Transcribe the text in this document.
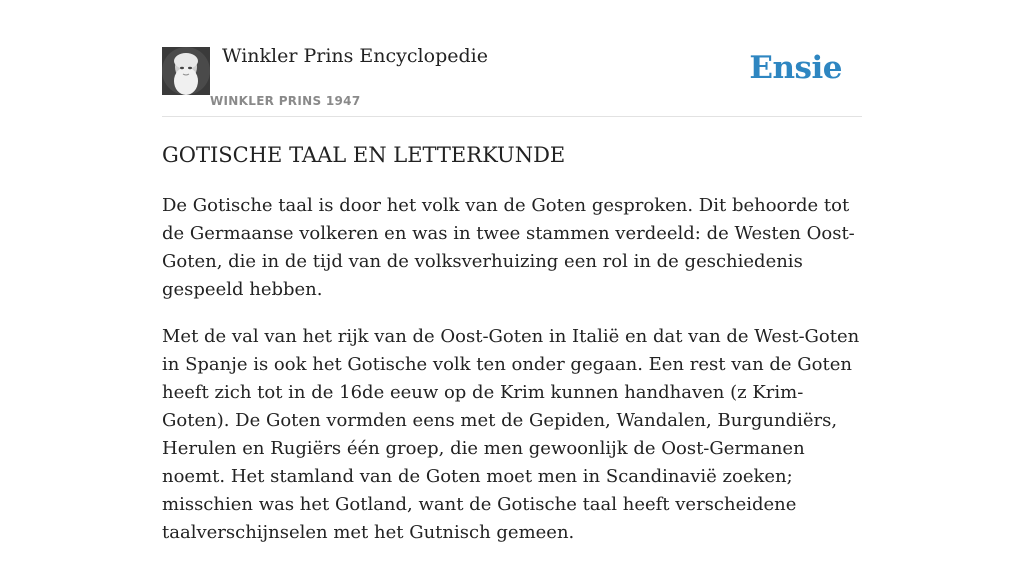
Winkler Prins Encyclopedie
WINKLER PRINS 1947
Ensie
GOTISCHE TAAL EN LETTERKUNDE

De Gotische taal is door het volk van de Goten gesproken. Dit behoorde tot de Germaanse volkeren en was in twee stammen verdeeld: de Westen Oost-Goten, die in de tijd van de volksverhuizing een rol in de geschiedenis gespeeld hebben.

Met de val van het rijk van de Oost-Goten in Italië en dat van de West-Goten in Spanje is ook het Gotische volk ten onder gegaan. Een rest van de Goten heeft zich tot in de 16de eeuw op de Krim kunnen handhaven (z Krim-Goten). De Goten vormden eens met de Gepiden, Wandalen, Burgundiërs, Herulen en Rugiërs één groep, die men gewoonlijk de Oost-Germanen noemt. Het stamland van de Goten moet men in Scandinavië zoeken; misschien was het Gotland, want de Gotische taal heeft verscheidene taalverschijnselen met het Gutnisch gemeen.
